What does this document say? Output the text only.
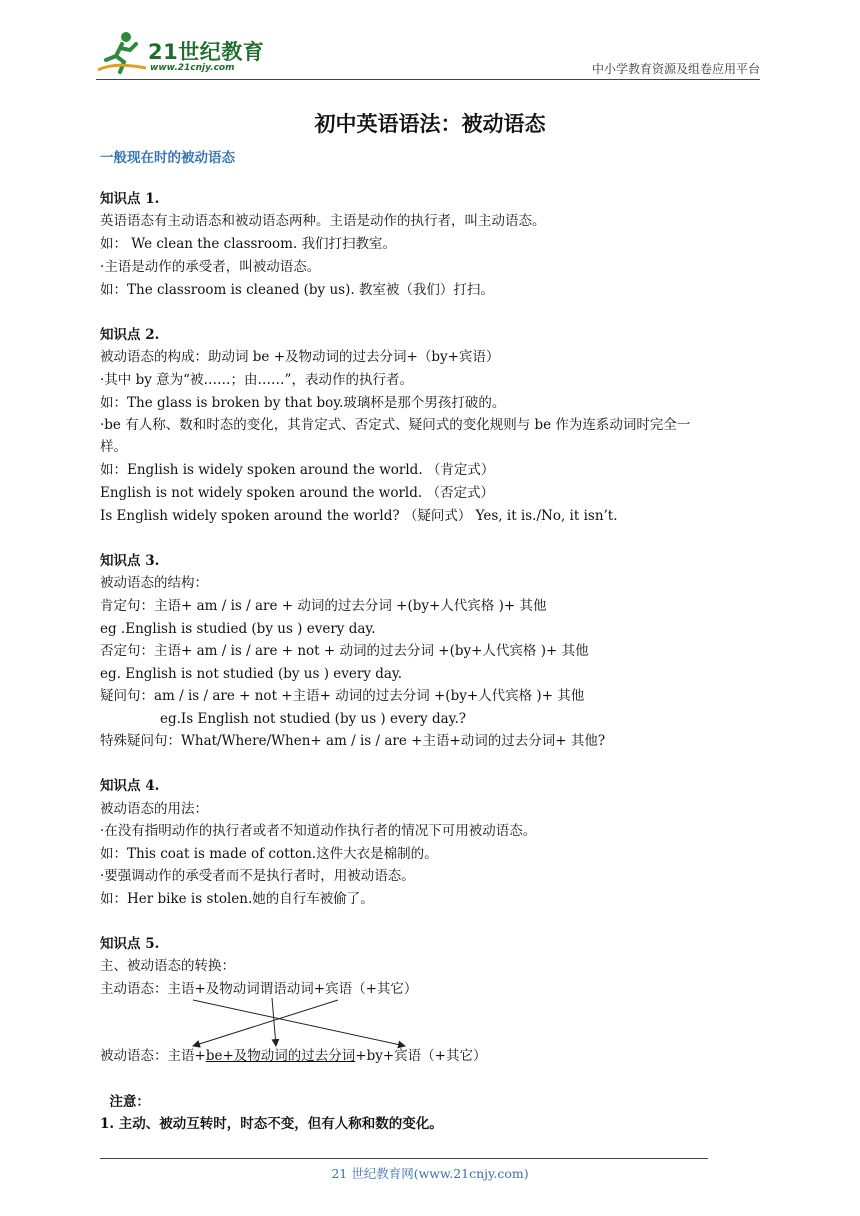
21世纪教育
www.21cnjy.com	中小学教育资源及组卷应用平台
初中英语语法：被动语态
一般现在时的被动语态
知识点 1.
英语语态有主动语态和被动语态两种。主语是动作的执行者，叫主动语态。
如： We clean the classroom. 我们打扫教室。
·主语是动作的承受者，叫被动语态。
如：The classroom is cleaned (by us). 教室被（我们）打扫。
知识点 2.
被动语态的构成：助动词 be +及物动词的过去分词+（by+宾语）
·其中 by 意为“被……；由……”，表动作的执行者。
如：The glass is broken by that boy.玻璃杯是那个男孩打破的。
·be 有人称、数和时态的变化，其肯定式、否定式、疑问式的变化规则与 be 作为连系动词时完全一
样。
如：English is widely spoken around the world. （肯定式）
English is not widely spoken around the world. （否定式）
Is English widely spoken around the world? （疑问式） Yes, it is./No, it isn’t.
知识点 3.
被动语态的结构：
肯定句：主语+ am / is / are + 动词的过去分词 +(by+人代宾格 )+ 其他
eg .English is studied (by us ) every day.
否定句：主语+ am / is / are + not + 动词的过去分词 +(by+人代宾格 )+ 其他
eg. English is not studied (by us ) every day.
疑问句：am / is / are + not +主语+ 动词的过去分词 +(by+人代宾格 )+ 其他
eg.Is English not studied (by us ) every day.?
特殊疑问句：What/Where/When+ am / is / are +主语+动词的过去分词+ 其他?
知识点 4.
被动语态的用法：
·在没有指明动作的执行者或者不知道动作执行者的情况下可用被动语态。
如：This coat is made of cotton.这件大衣是棉制的。
·要强调动作的承受者而不是执行者时，用被动语态。
如：Her bike is stolen.她的自行车被偷了。
知识点 5.
主、被动语态的转换：
主动语态：主语+及物动词谓语动词+宾语（+其它）
被动语态：主语+be+及物动词的过去分词+by+宾语（+其它）
注意：
1. 主动、被动互转时，时态不变，但有人称和数的变化。
21 世纪教育网(www.21cnjy.com)
